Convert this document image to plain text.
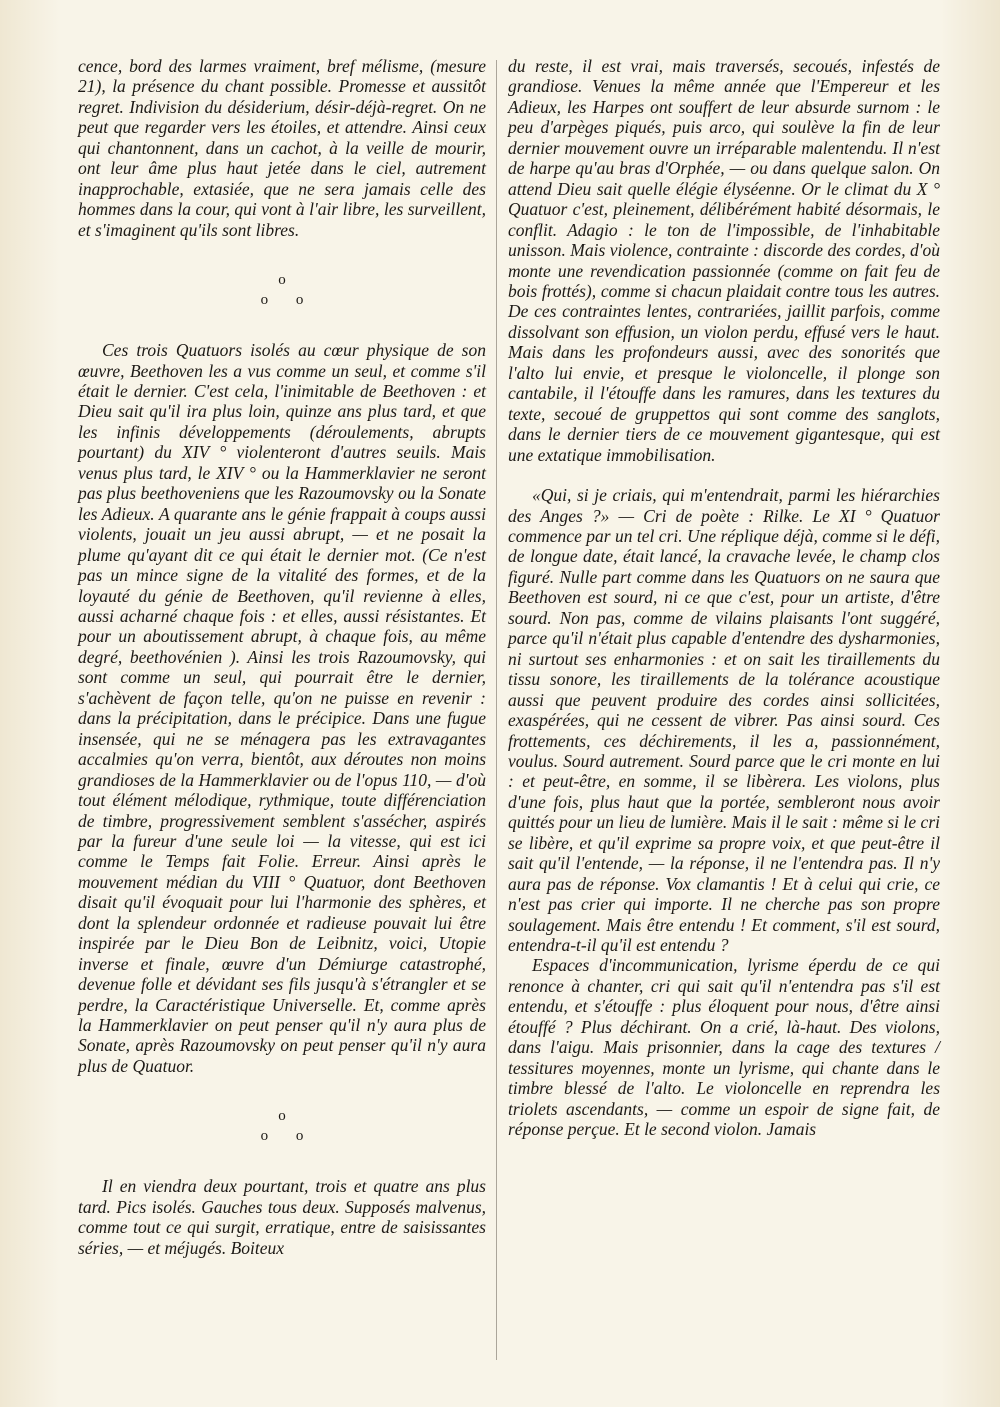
cence, bord des larmes vraiment, bref mélisme, (mesure 21), la présence du chant possible. Promesse et aussitôt regret. Indivision du désiderium, désir-déjà-regret. On ne peut que regarder vers les étoiles, et attendre. Ainsi ceux qui chantonnent, dans un cachot, à la veille de mourir, ont leur âme plus haut jetée dans le ciel, autrement inapprochable, extasiée, que ne sera jamais celle des hommes dans la cour, qui vont à l'air libre, les surveillent, et s'imaginent qu'ils sont libres.

o
o o

Ces trois Quatuors isolés au cœur physique de son œuvre, Beethoven les a vus comme un seul, et comme s'il était le dernier. C'est cela, l'inimitable de Beethoven : et Dieu sait qu'il ira plus loin, quinze ans plus tard, et que les infinis développements (déroulements, abrupts pourtant) du XIV ° violenteront d'autres seuils. Mais venus plus tard, le XIV ° ou la Hammerklavier ne seront pas plus beethoveniens que les Razoumovsky ou la Sonate les Adieux. A quarante ans le génie frappait à coups aussi violents, jouait un jeu aussi abrupt, — et ne posait la plume qu'ayant dit ce qui était le dernier mot. (Ce n'est pas un mince signe de la vitalité des formes, et de la loyauté du génie de Beethoven, qu'il revienne à elles, aussi acharné chaque fois : et elles, aussi résistantes. Et pour un aboutissement abrupt, à chaque fois, au même degré, beethovénien ). Ainsi les trois Razoumovsky, qui sont comme un seul, qui pourrait être le dernier, s'achèvent de façon telle, qu'on ne puisse en revenir : dans la précipitation, dans le précipice. Dans une fugue insensée, qui ne se ménagera pas les extravagantes accalmies qu'on verra, bientôt, aux déroutes non moins grandioses de la Hammerklavier ou de l'opus 110, — d'où tout élément mélodique, rythmique, toute différenciation de timbre, progressivement semblent s'assécher, aspirés par la fureur d'une seule loi — la vitesse, qui est ici comme le Temps fait Folie. Erreur. Ainsi après le mouvement médian du VIII ° Quatuor, dont Beethoven disait qu'il évoquait pour lui l'harmonie des sphères, et dont la splendeur ordonnée et radieuse pouvait lui être inspirée par le Dieu Bon de Leibnitz, voici, Utopie inverse et finale, œuvre d'un Démiurge catastrophé, devenue folle et dévidant ses fils jusqu'à s'étrangler et se perdre, la Caractéristique Universelle. Et, comme après la Hammerklavier on peut penser qu'il n'y aura plus de Sonate, après Razoumovsky on peut penser qu'il n'y aura plus de Quatuor.

o
o o

Il en viendra deux pourtant, trois et quatre ans plus tard. Pics isolés. Gauches tous deux. Supposés malvenus, comme tout ce qui surgit, erratique, entre de saisissantes séries, — et méjugés. Boiteux

du reste, il est vrai, mais traversés, secoués, infestés de grandiose. Venues la même année que l'Empereur et les Adieux, les Harpes ont souffert de leur absurde surnom : le peu d'arpèges piqués, puis arco, qui soulève la fin de leur dernier mouvement ouvre un irréparable malentendu. Il n'est de harpe qu'au bras d'Orphée, — ou dans quelque salon. On attend Dieu sait quelle élégie élyséenne. Or le climat du X ° Quatuor c'est, pleinement, délibérément habité désormais, le conflit. Adagio : le ton de l'impossible, de l'inhabitable unisson. Mais violence, contrainte : discorde des cordes, d'où monte une revendication passionnée (comme on fait feu de bois frottés), comme si chacun plaidait contre tous les autres. De ces contraintes lentes, contrariées, jaillit parfois, comme dissolvant son effusion, un violon perdu, effusé vers le haut. Mais dans les profondeurs aussi, avec des sonorités que l'alto lui envie, et presque le violoncelle, il plonge son cantabile, il l'étouffe dans les ramures, dans les textures du texte, secoué de gruppettos qui sont comme des sanglots, dans le dernier tiers de ce mouvement gigantesque, qui est une extatique immobilisation.

«Qui, si je criais, qui m'entendrait, parmi les hiérarchies des Anges ?» — Cri de poète : Rilke. Le XI ° Quatuor commence par un tel cri. Une réplique déjà, comme si le défi, de longue date, était lancé, la cravache levée, le champ clos figuré. Nulle part comme dans les Quatuors on ne saura que Beethoven est sourd, ni ce que c'est, pour un artiste, d'être sourd. Non pas, comme de vilains plaisants l'ont suggéré, parce qu'il n'était plus capable d'entendre des dysharmonies, ni surtout ses enharmonies : et on sait les tiraillements du tissu sonore, les tiraillements de la tolérance acoustique aussi que peuvent produire des cordes ainsi sollicitées, exaspérées, qui ne cessent de vibrer. Pas ainsi sourd. Ces frottements, ces déchirements, il les a, passionnément, voulus. Sourd autrement. Sourd parce que le cri monte en lui : et peut-être, en somme, il se libèrera. Les violons, plus d'une fois, plus haut que la portée, sembleront nous avoir quittés pour un lieu de lumière. Mais il le sait : même si le cri se libère, et qu'il exprime sa propre voix, et que peut-être il sait qu'il l'entende, — la réponse, il ne l'entendra pas. Il n'y aura pas de réponse. Vox clamantis ! Et à celui qui crie, ce n'est pas crier qui importe. Il ne cherche pas son propre soulagement. Mais être entendu ! Et comment, s'il est sourd, entendra-t-il qu'il est entendu ?

Espaces d'incommunication, lyrisme éperdu de ce qui renonce à chanter, cri qui sait qu'il n'entendra pas s'il est entendu, et s'étouffe : plus éloquent pour nous, d'être ainsi étouffé ? Plus déchirant. On a crié, là-haut. Des violons, dans l'aigu. Mais prisonnier, dans la cage des textures / tessitures moyennes, monte un lyrisme, qui chante dans le timbre blessé de l'alto. Le violoncelle en reprendra les triolets ascendants, — comme un espoir de signe fait, de réponse perçue. Et le second violon. Jamais
